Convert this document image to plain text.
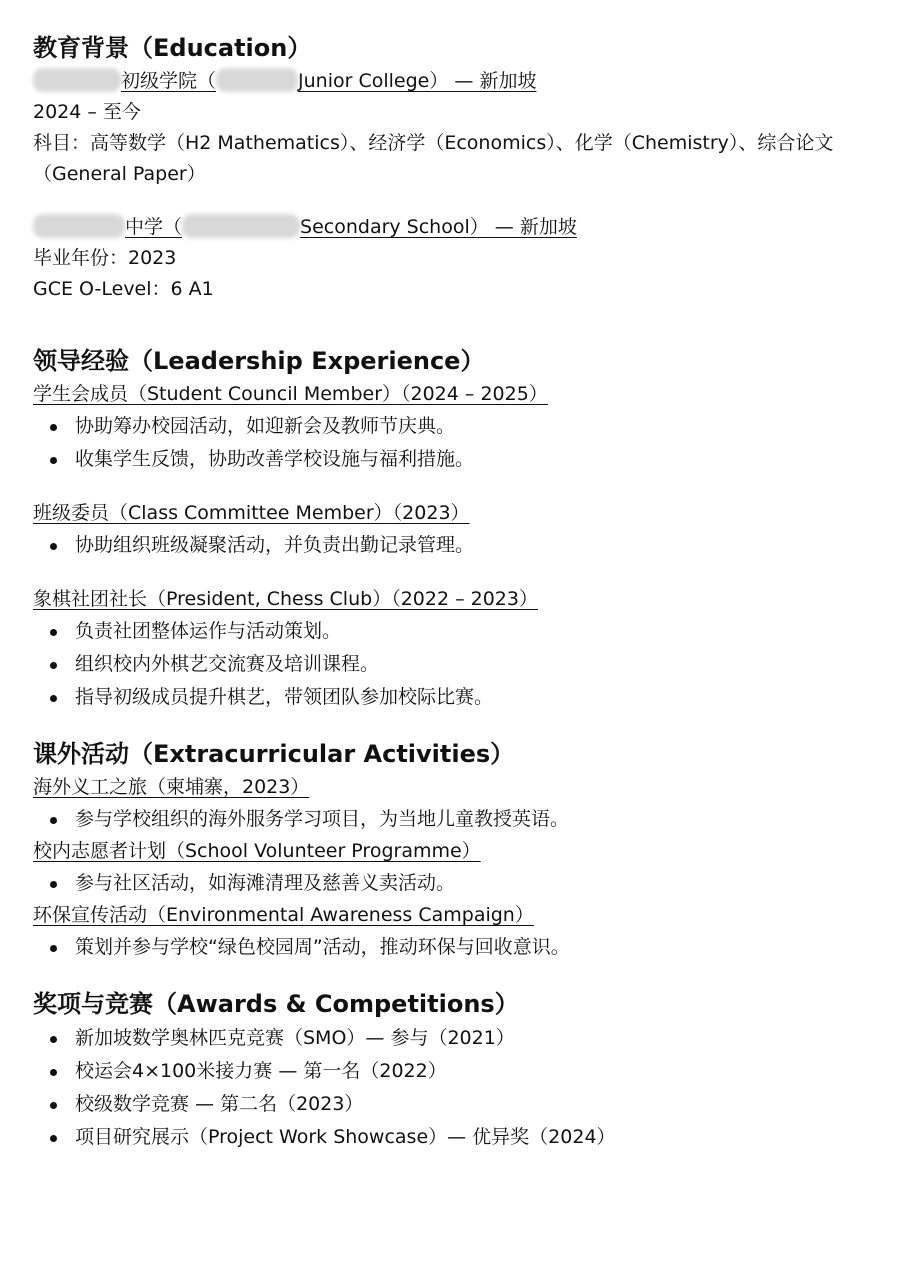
教育背景（Education）
初级学院（	Junior College） — 新加坡
2024 – 至今
科目：高等数学（H2 Mathematics）、经济学（Economics）、化学（Chemistry）、综合论文（General Paper）
中学（	Secondary School） — 新加坡
毕业年份：2023
GCE O-Level：6 A1
领导经验（Leadership Experience）
学生会成员（Student Council Member）（2024 – 2025）
协助筹办校园活动，如迎新会及教师节庆典。
收集学生反馈，协助改善学校设施与福利措施。
班级委员（Class Committee Member）（2023）
协助组织班级凝聚活动，并负责出勤记录管理。
象棋社团社长（President, Chess Club）（2022 – 2023）
负责社团整体运作与活动策划。
组织校内外棋艺交流赛及培训课程。
指导初级成员提升棋艺，带领团队参加校际比赛。
课外活动（Extracurricular Activities）
海外义工之旅（柬埔寨，2023）
参与学校组织的海外服务学习项目，为当地儿童教授英语。
校内志愿者计划（School Volunteer Programme）
参与社区活动，如海滩清理及慈善义卖活动。
环保宣传活动（Environmental Awareness Campaign）
策划并参与学校“绿色校园周”活动，推动环保与回收意识。
奖项与竞赛（Awards & Competitions）
新加坡数学奥林匹克竞赛（SMO）— 参与（2021）
校运会4×100米接力赛 — 第一名（2022）
校级数学竞赛 — 第二名（2023）
项目研究展示（Project Work Showcase）— 优异奖（2024）
